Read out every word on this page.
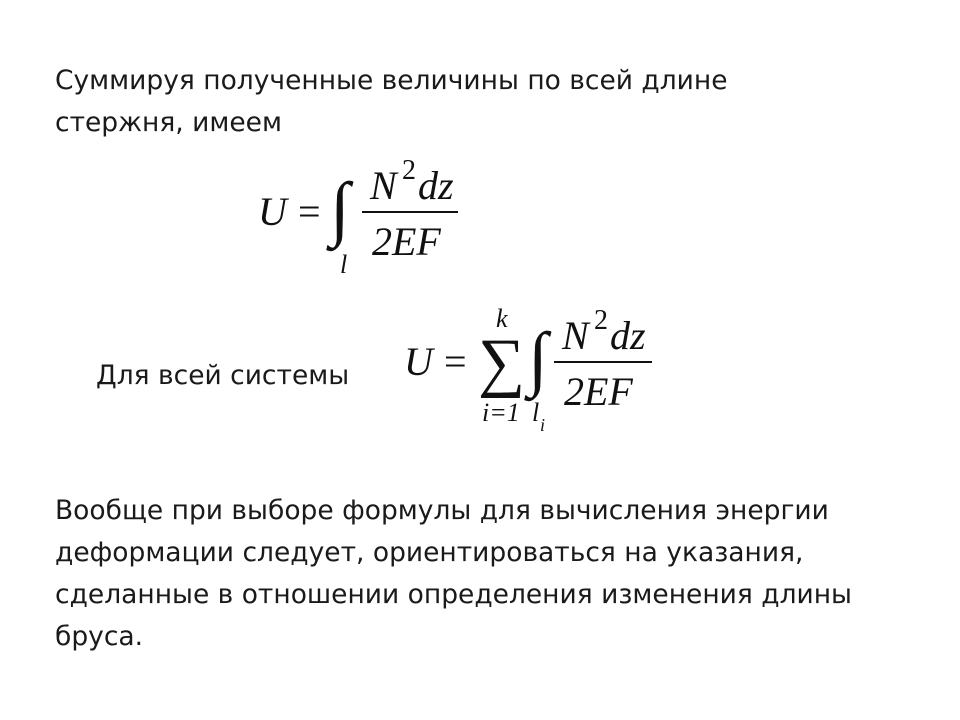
Суммируя полученные величины по всей длине стержня, имеем

U = ∫
l
N 2 dz
2EF

Для всей системы U =
k
∑
i=1
∫
l i
N 2 dz
2EF

Вообще при выборе формулы для вычисления энергии деформации следует, ориентироваться на указания, сделанные в отношении определения изменения длины бруса.
